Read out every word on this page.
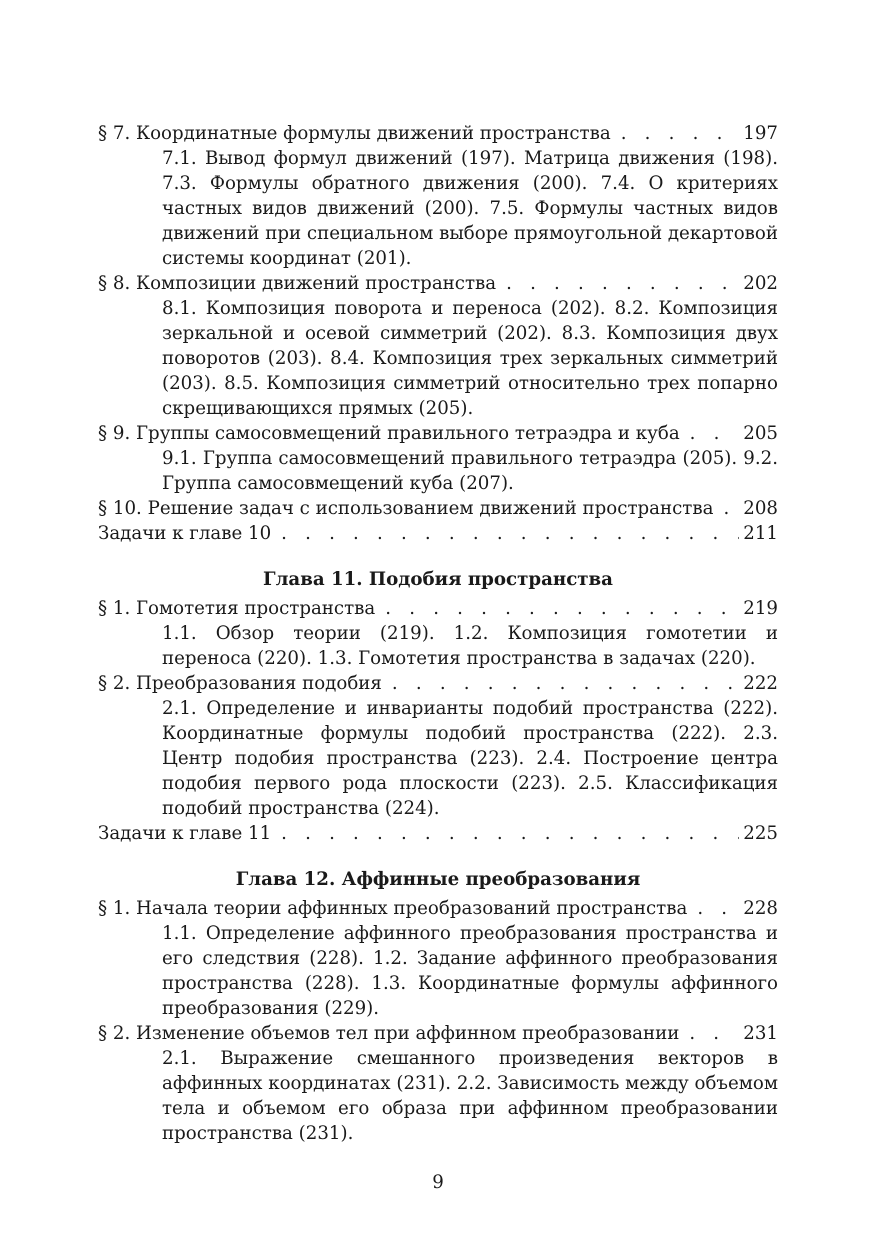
§ 7. Координатные формулы движений пространства . . .	197
7.1. Вывод формул движений (197). Матрица движения (198). 7.3. Формулы обратного движения (200). 7.4. О критериях частных видов движений (200). 7.5. Формулы частных видов движений при специальном выборе прямоугольной декартовой системы координат (201).
§ 8. Композиции движений пространства . . .	202
8.1. Композиция поворота и переноса (202). 8.2. Композиция зеркальной и осевой симметрий (202). 8.3. Композиция двух поворотов (203). 8.4. Композиция трех зеркальных симметрий (203). 8.5. Композиция симметрий относительно трех попарно скрещивающихся прямых (205).
§ 9. Группы самосовмещений правильного тетраэдра и куба . . .	205
9.1. Группа самосовмещений правильного тетраэдра (205). 9.2. Группа самосовмещений куба (207).
§ 10. Решение задач с использованием движений пространства . . . 208
Задачи к главе 10 . . .	211
Глава 11. Подобия пространства
§ 1. Гомотетия пространства . . .	219
1.1. Обзор теории (219). 1.2. Композиция гомотетии и переноса (220). 1.3. Гомотетия пространства в задачах (220).
§ 2. Преобразования подобия . . .	222
2.1. Определение и инварианты подобий пространства (222). Координатные формулы подобий пространства (222). 2.3. Центр подобия пространства (223). 2.4. Построение центра подобия первого рода плоскости (223). 2.5. Классификация подобий пространства (224).
Задачи к главе 11 . . .	225
Глава 12. Аффинные преобразования
§ 1. Начала теории аффинных преобразований пространства . . .	228
1.1. Определение аффинного преобразования пространства и его следствия (228). 1.2. Задание аффинного преобразования пространства (228). 1.3. Координатные формулы аффинного преобразования (229).
§ 2. Изменение объемов тел при аффинном преобразовании . . .	231
2.1. Выражение смешанного произведения векторов в аффинных координатах (231). 2.2. Зависимость между объемом тела и объемом его образа при аффинном преобразовании пространства (231).
9
